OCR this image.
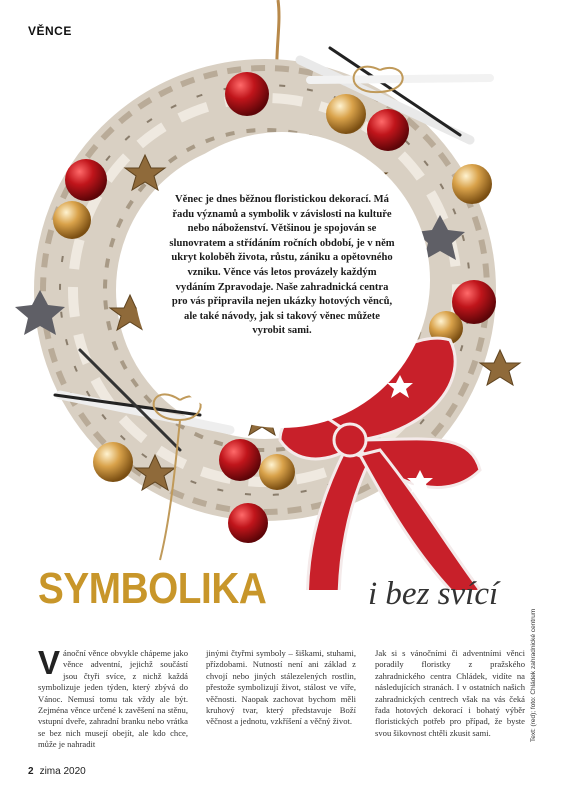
VĚNCE
Věnec je dnes běžnou floristickou dekorací. Má řadu významů a symbolik v závislosti na kultuře nebo náboženství. Většinou je spojován se slunovratem a střídáním ročních období, je v něm ukryt koloběh života, růstu, zániku a opětovného vzniku. Věnce vás letos provázely každým vydáním Zpravodaje. Naše zahradnická centra pro vás připravila nejen ukázky hotových věnců, ale také návody, jak si takový věnec můžete vyrobit sami.
SYMBOLIKA	i bez svící
Vánoční věnce obvykle chápeme jako věnce adventní, jejichž součástí jsou čtyři svíce, z nichž každá symbolizuje jeden týden, který zbývá do Vánoc. Nemusí tomu tak vždy ale být. Zejména věnce určené k zavěšení na stěnu, vstupní dveře, zahradní branku nebo vrátka se bez nich musejí obejít, ale kdo chce, může je nahradit
jinými čtyřmi symboly – šiškami, stuhami, přízdobami. Nutností není ani základ z chvojí nebo jiných stálezelených rostlin, přestože symbolizují život, stálost ve víře, věčnosti. Naopak zachovat bychom měli kruhový tvar, který představuje Boží věčnost a jednotu, vzkříšení a věčný život.
Jak si s vánočními či adventními věnci poradily floristky z pražského zahradnického centra Chládek, vidíte na následujících stranách. I v ostatních našich zahradnických centrech však na vás čeká řada hotových dekorací i bohatý výběr floristických potřeb pro případ, že byste svou šikovnost chtěli zkusit sami.	Text: (red); foto: Chládek zahradnické centrum
2 zima 2020
